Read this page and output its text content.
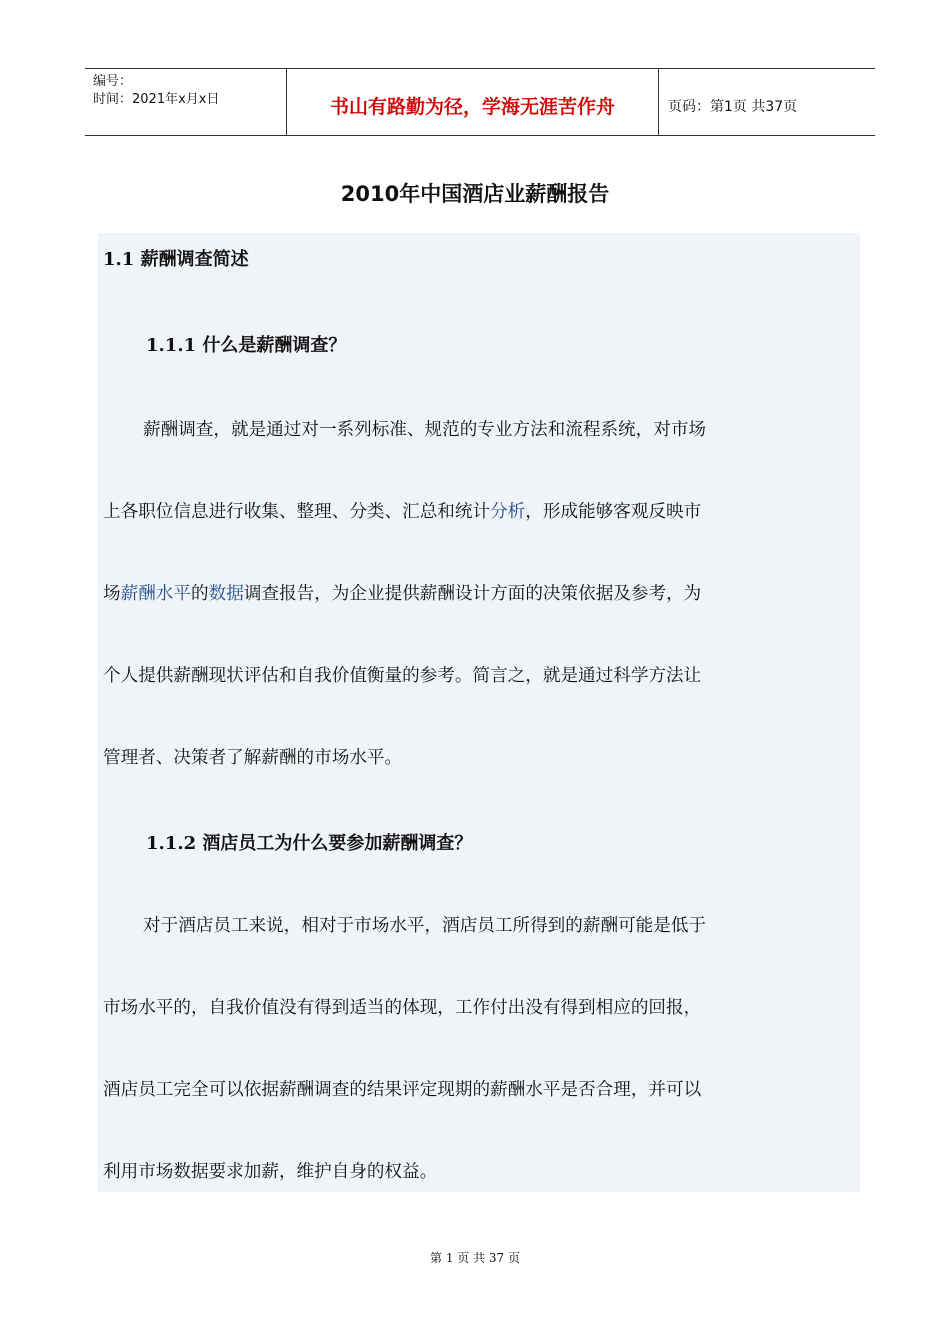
编号：
时间：2021年x月x日	书山有路勤为径，学海无涯苦作舟	页码：第1页 共37页
2010年中国酒店业薪酬报告
1.1 薪酬调查简述
1.1.1 什么是薪酬调查？
薪酬调查，就是通过对一系列标准、规范的专业方法和流程系统，对市场
上各职位信息进行收集、整理、分类、汇总和统计分析，形成能够客观反映市
场薪酬水平的数据调查报告，为企业提供薪酬设计方面的决策依据及参考，为
个人提供薪酬现状评估和自我价值衡量的参考。简言之，就是通过科学方法让
管理者、决策者了解薪酬的市场水平。
1.1.2 酒店员工为什么要参加薪酬调查？
对于酒店员工来说，相对于市场水平，酒店员工所得到的薪酬可能是低于
市场水平的，自我价值没有得到适当的体现，工作付出没有得到相应的回报，
酒店员工完全可以依据薪酬调查的结果评定现期的薪酬水平是否合理，并可以
利用市场数据要求加薪，维护自身的权益。
第 1 页 共 37 页
